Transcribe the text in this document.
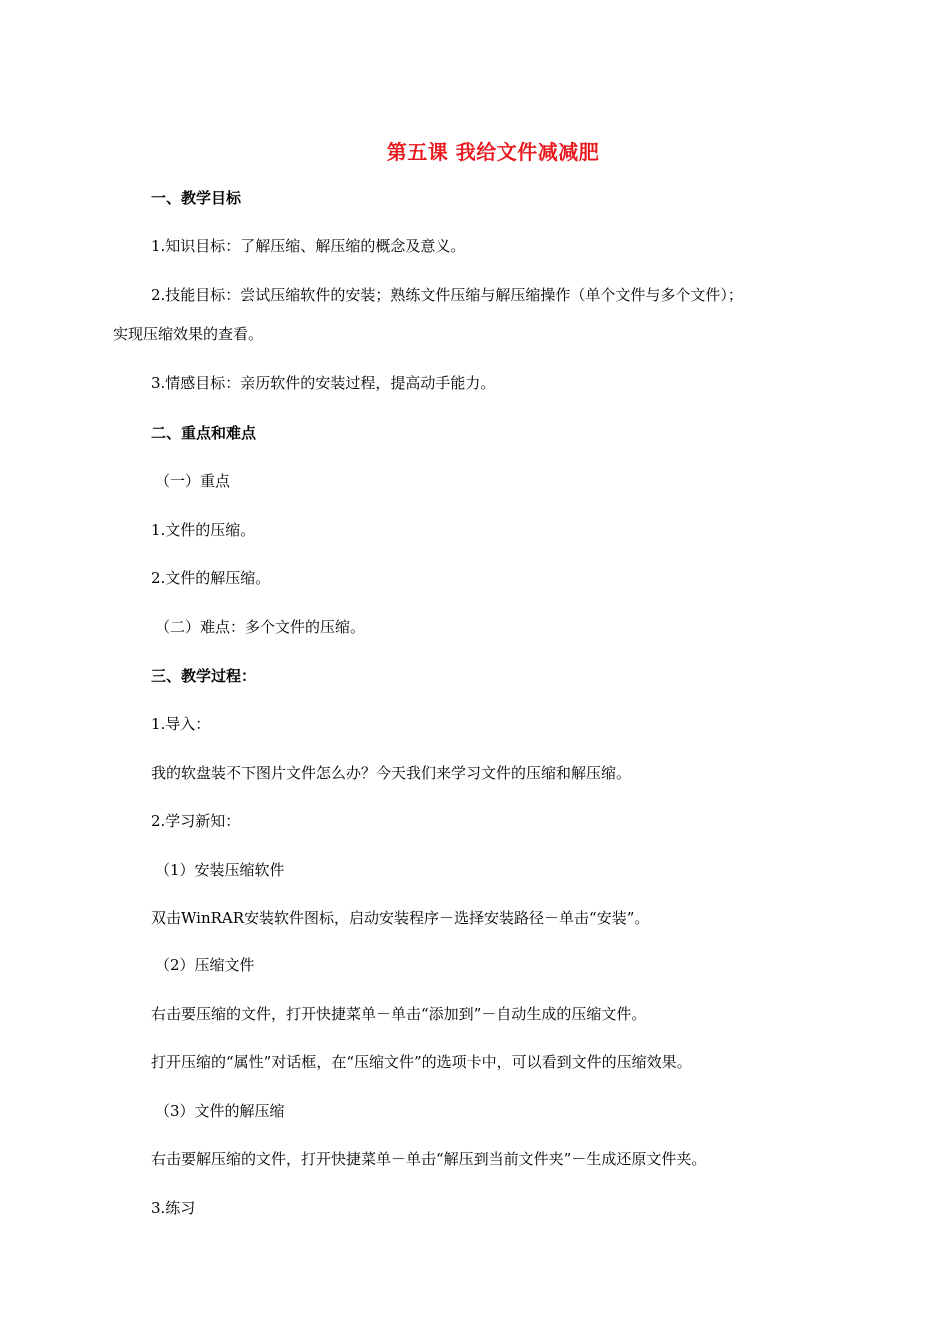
第五课 我给文件减减肥
一、教学目标
1.知识目标：了解压缩、解压缩的概念及意义。
2.技能目标：尝试压缩软件的安装；熟练文件压缩与解压缩操作（单个文件与多个文件）；
实现压缩效果的查看。
3.情感目标：亲历软件的安装过程，提高动手能力。
二、重点和难点
（一）重点
1.文件的压缩。
2.文件的解压缩。
（二）难点：多个文件的压缩。
三、教学过程：
1.导入：
我的软盘装不下图片文件怎么办？今天我们来学习文件的压缩和解压缩。
2.学习新知：
（1）安装压缩软件
双击WinRAR安装软件图标，启动安装程序－选择安装路径－单击“安装”。
（2）压缩文件
右击要压缩的文件，打开快捷菜单－单击“添加到”－自动生成的压缩文件。
打开压缩的“属性”对话框，在“压缩文件”的选项卡中，可以看到文件的压缩效果。
（3）文件的解压缩
右击要解压缩的文件，打开快捷菜单－单击“解压到当前文件夹”－生成还原文件夹。
3.练习
